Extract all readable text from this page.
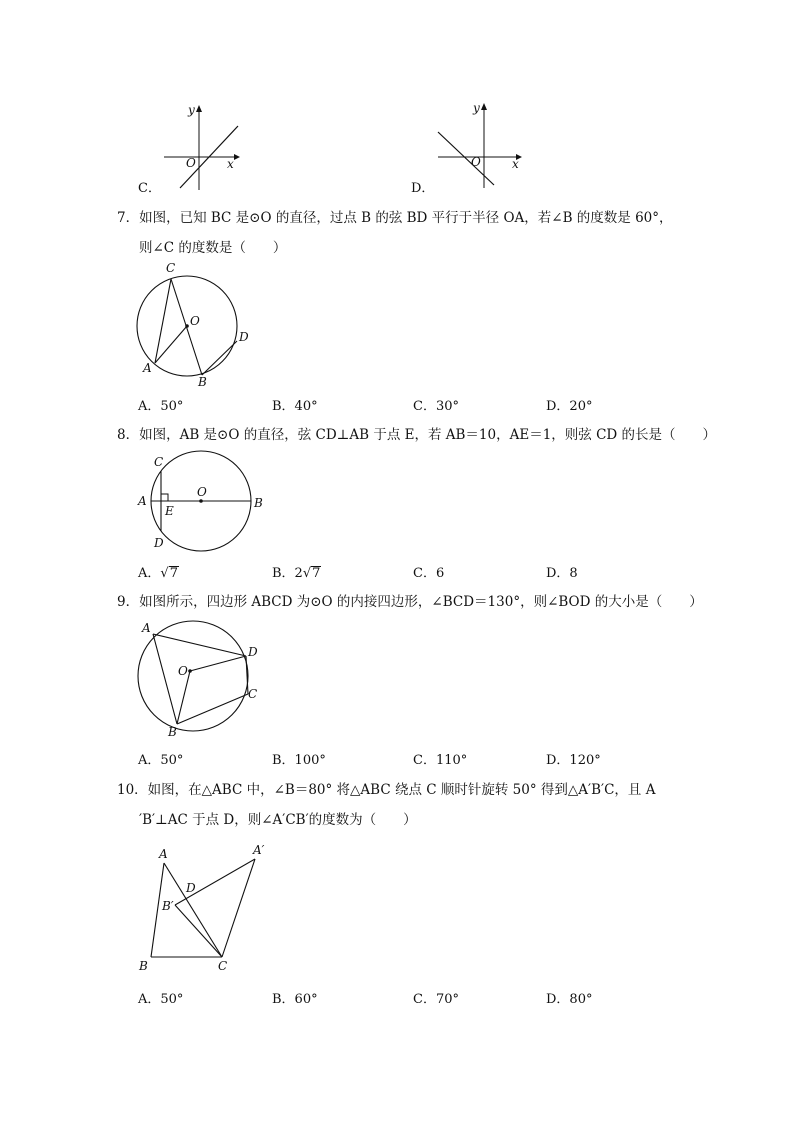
y
x
O
C．
y
x
O
D．
7．如图，已知 BC 是⊙O 的直径，过点 B 的弦 BD 平行于半径 OA，若∠B 的度数是 60°，
则∠C 的度数是（　　）
C
O
D
A
B
A．50°	B．40°	C．30°	D．20°
8．如图，AB 是⊙O 的直径，弦 CD⊥AB 于点 E，若 AB＝10，AE＝1，则弦 CD 的长是（　　）
C
A
O
B
E
D
A．√7	B．2√7	C．6	D．8
9．如图所示，四边形 ABCD 为⊙O 的内接四边形，∠BCD＝130°，则∠BOD 的大小是（　　）
A
D
O
C
B
A．50°	B．100°	C．110°	D．120°
10．如图，在△ABC 中，∠B＝80° 将△ABC 绕点 C 顺时针旋转 50° 得到△A′B′C，且 A
′B′⊥AC 于点 D，则∠A′CB′的度数为（　　）
A	A′
D
B′
B	C
A．50°	B．60°	C．70°	D．80°
